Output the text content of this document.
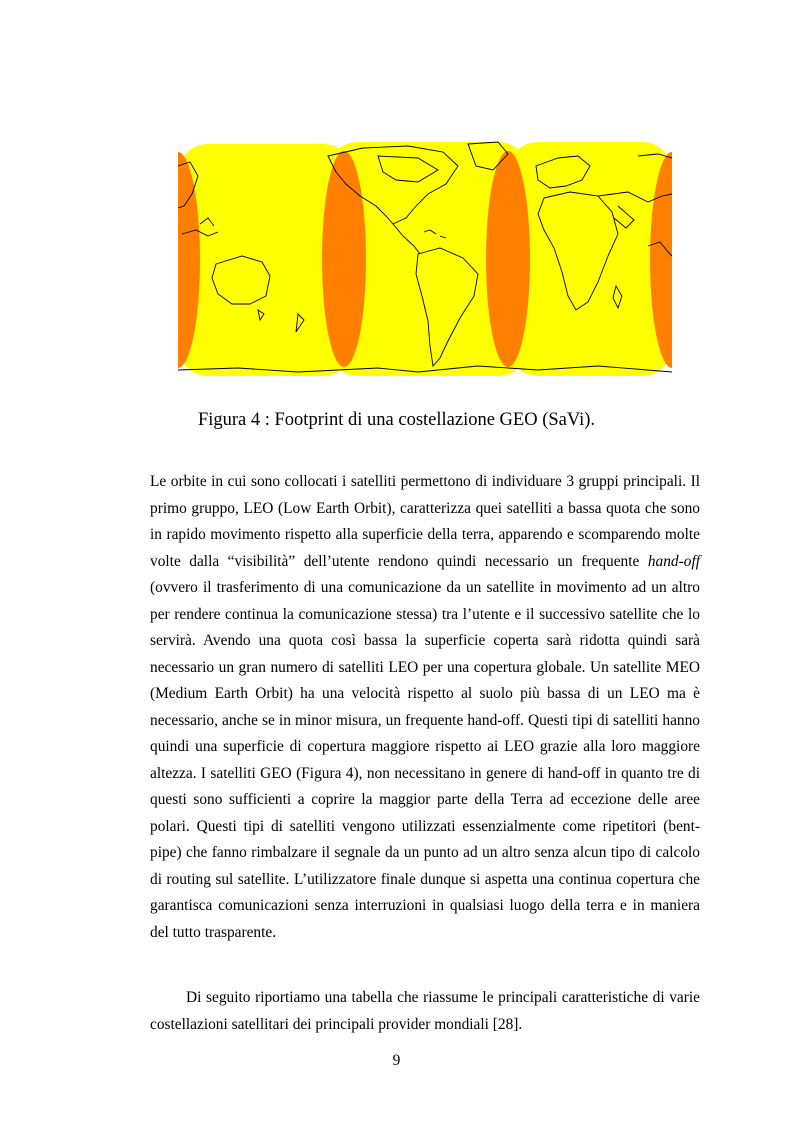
Figura 4 : Footprint di una costellazione GEO (SaVi).

Le orbite in cui sono collocati i satelliti permettono di individuare 3 gruppi principali. Il primo gruppo, LEO (Low Earth Orbit), caratterizza quei satelliti a bassa quota che sono in rapido movimento rispetto alla superficie della terra, apparendo e scomparendo molte volte dalla “visibilità” dell’utente rendono quindi necessario un frequente hand-off (ovvero il trasferimento di una comunicazione da un satellite in movimento ad un altro per rendere continua la comunicazione stessa) tra l’utente e il successivo satellite che lo servirà. Avendo una quota così bassa la superficie coperta sarà ridotta quindi sarà necessario un gran numero di satelliti LEO per una copertura globale. Un satellite MEO (Medium Earth Orbit) ha una velocità rispetto al suolo più bassa di un LEO ma è necessario, anche se in minor misura, un frequente hand-off. Questi tipi di satelliti hanno quindi una superficie di copertura maggiore rispetto ai LEO grazie alla loro maggiore altezza. I satelliti GEO (Figura 4), non necessitano in genere di hand-off in quanto tre di questi sono sufficienti a coprire la maggior parte della Terra ad eccezione delle aree polari. Questi tipi di satelliti vengono utilizzati essenzialmente come ripetitori (bent-pipe) che fanno rimbalzare il segnale da un punto ad un altro senza alcun tipo di calcolo di routing sul satellite. L’utilizzatore finale dunque si aspetta una continua copertura che garantisca comunicazioni senza interruzioni in qualsiasi luogo della terra e in maniera del tutto trasparente.

Di seguito riportiamo una tabella che riassume le principali caratteristiche di varie costellazioni satellitari dei principali provider mondiali [28].

9
